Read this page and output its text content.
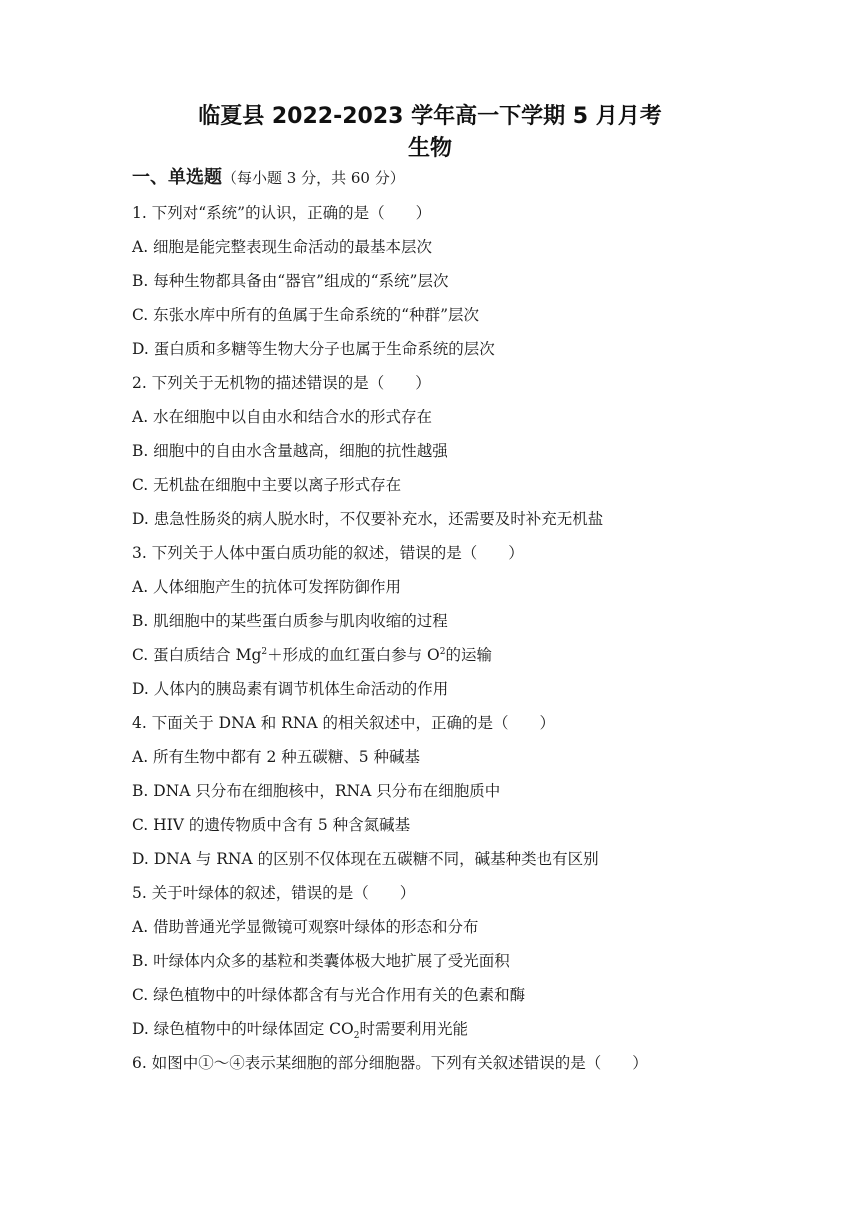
临夏县 2022-2023 学年高一下学期 5 月月考
生物
一、单选题（每小题 3 分，共 60 分）
1. 下列对“系统”的认识，正确的是（　　）
A. 细胞是能完整表现生命活动的最基本层次
B. 每种生物都具备由“器官”组成的“系统”层次
C. 东张水库中所有的鱼属于生命系统的“种群”层次
D. 蛋白质和多糖等生物大分子也属于生命系统的层次
2. 下列关于无机物的描述错误的是（　　）
A. 水在细胞中以自由水和结合水的形式存在
B. 细胞中的自由水含量越高，细胞的抗性越强
C. 无机盐在细胞中主要以离子形式存在
D. 患急性肠炎的病人脱水时，不仅要补充水，还需要及时补充无机盐
3. 下列关于人体中蛋白质功能的叙述，错误的是（　　）
A. 人体细胞产生的抗体可发挥防御作用
B. 肌细胞中的某些蛋白质参与肌肉收缩的过程
C. 蛋白质结合 $Mg^2+$形成的血红蛋白参与 $O^2$的运输
D. 人体内的胰岛素有调节机体生命活动的作用
4. 下面关于 DNA 和 RNA 的相关叙述中，正确的是（　　）
A. 所有生物中都有 2 种五碳糖、5 种碱基
B. DNA 只分布在细胞核中，RNA 只分布在细胞质中
C. HIV 的遗传物质中含有 5 种含氮碱基
D. DNA 与 RNA 的区别不仅体现在五碳糖不同，碱基种类也有区别
5. 关于叶绿体的叙述，错误的是（　　）
A. 借助普通光学显微镜可观察叶绿体的形态和分布
B. 叶绿体内众多的基粒和类囊体极大地扩展了受光面积
C. 绿色植物中的叶绿体都含有与光合作用有关的色素和酶
D. 绿色植物中的叶绿体固定 $CO_2$时需要利用光能
6. 如图中①～④表示某细胞的部分细胞器。下列有关叙述错误的是（　　）
